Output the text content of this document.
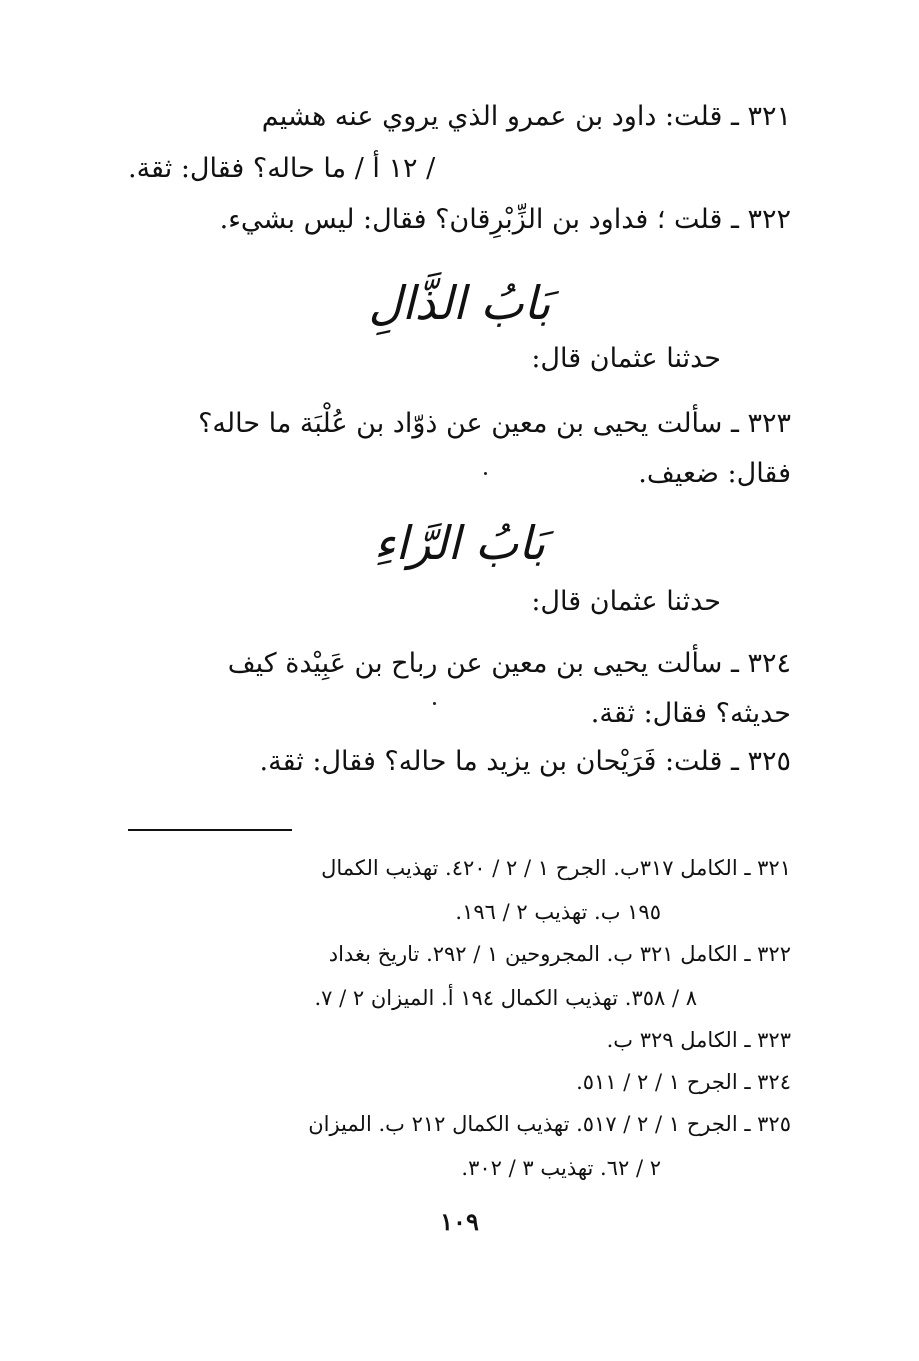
٣٢١ ـ قلت: داود بن عمرو الذي يروي عنه هشيم
/ ١٢ أ / ما حاله؟ فقال: ثقة.
٣٢٢ ـ قلت ؛ فداود بن الزِّبْرِقان؟ فقال: ليس بشيء.
بَابُ الذَّالِ
حدثنا عثمان قال:
٣٢٣ ـ سألت يحيى بن معين عن ذوّاد بن عُلْبَة ما حاله؟
فقال: ضعيف.
بَابُ الرَّاءِ
حدثنا عثمان قال:
٣٢٤ ـ سألت يحيى بن معين عن رباح بن عَبِيْدة كيف
حديثه؟ فقال: ثقة.
٣٢٥ ـ قلت: فَرَيْحان بن يزيد ما حاله؟ فقال: ثقة.
٣٢١ ـ الكامل ٣١٧ب. الجرح ١ / ٢ / ٤٢٠. تهذيب الكمال
١٩٥ ب. تهذيب ٢ / ١٩٦.
٣٢٢ ـ الكامل ٣٢١ ب. المجروحين ١ / ٢٩٢. تاريخ بغداد
٨ / ٣٥٨. تهذيب الكمال ١٩٤ أ. الميزان ٢ / ٧.
٣٢٣ ـ الكامل ٣٢٩ ب.
٣٢٤ ـ الجرح ١ / ٢ / ٥١١.
٣٢٥ ـ الجرح ١ / ٢ / ٥١٧. تهذيب الكمال ٢١٢ ب. الميزان
٢ / ٦٢. تهذيب ٣ / ٣٠٢.
١٠٩
